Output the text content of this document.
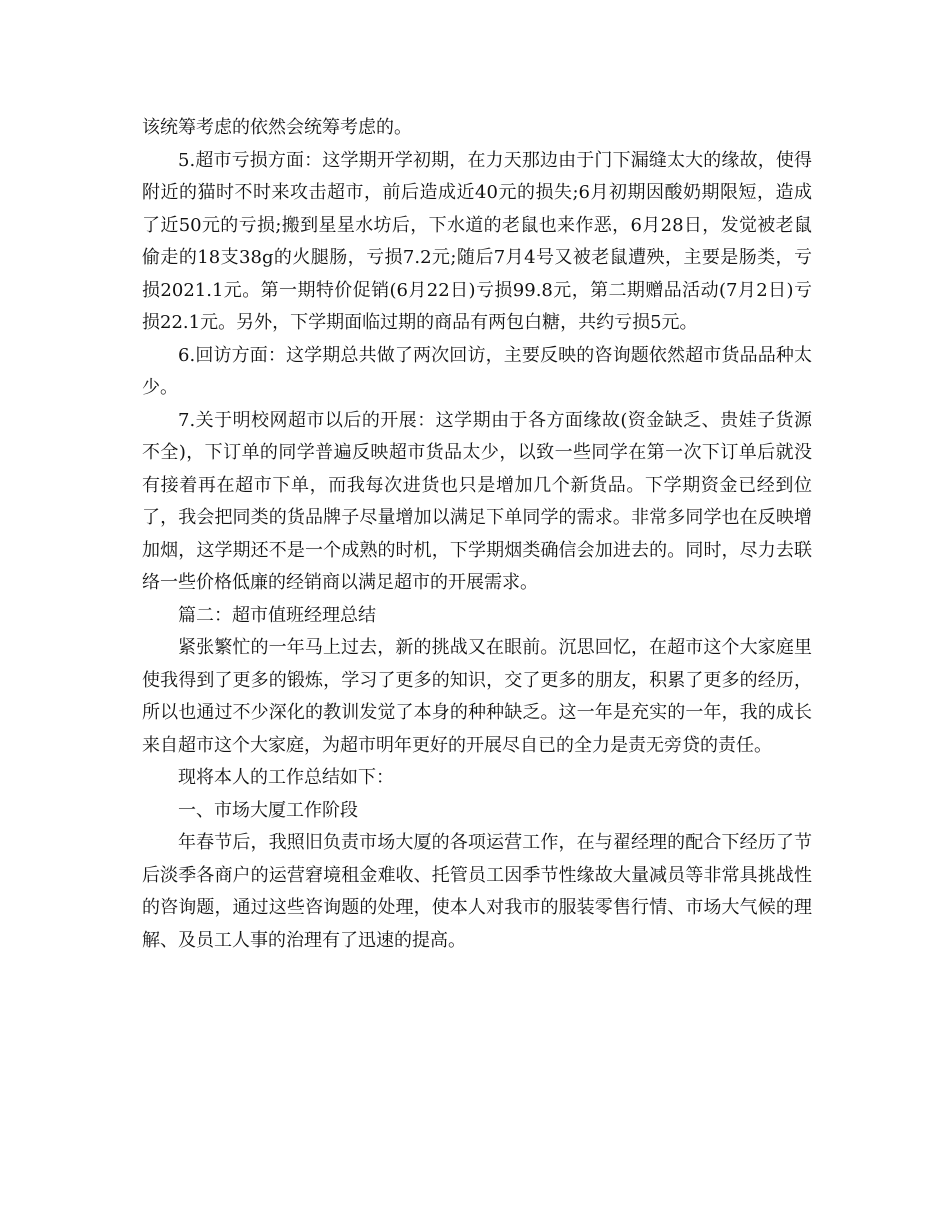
该统筹考虑的依然会统筹考虑的。

5.超市亏损方面：这学期开学初期，在力天那边由于门下漏缝太大的缘故，使得附近的猫时不时来攻击超市，前后造成近40元的损失;6月初期因酸奶期限短，造成了近50元的亏损;搬到星星水坊后，下水道的老鼠也来作恶，6月28日，发觉被老鼠偷走的18支38g的火腿肠，亏损7.2元;随后7月4号又被老鼠遭殃，主要是肠类，亏损2021.1元。第一期特价促销(6月22日)亏损99.8元，第二期赠品活动(7月2日)亏损22.1元。另外，下学期面临过期的商品有两包白糖，共约亏损5元。

6.回访方面：这学期总共做了两次回访，主要反映的咨询题依然超市货品品种太少。

7.关于明校网超市以后的开展：这学期由于各方面缘故(资金缺乏、贵娃子货源不全)，下订单的同学普遍反映超市货品太少，以致一些同学在第一次下订单后就没有接着再在超市下单，而我每次进货也只是增加几个新货品。下学期资金已经到位了，我会把同类的货品牌子尽量增加以满足下单同学的需求。非常多同学也在反映增加烟，这学期还不是一个成熟的时机，下学期烟类确信会加进去的。同时，尽力去联络一些价格低廉的经销商以满足超市的开展需求。

篇二：超市值班经理总结

紧张繁忙的一年马上过去，新的挑战又在眼前。沉思回忆，在超市这个大家庭里使我得到了更多的锻炼，学习了更多的知识，交了更多的朋友，积累了更多的经历，所以也通过不少深化的教训发觉了本身的种种缺乏。这一年是充实的一年，我的成长来自超市这个大家庭，为超市明年更好的开展尽自已的全力是责无旁贷的责任。

现将本人的工作总结如下：

一、市场大厦工作阶段

年春节后，我照旧负责市场大厦的各项运营工作，在与翟经理的配合下经历了节后淡季各商户的运营窘境租金难收、托管员工因季节性缘故大量减员等非常具挑战性的咨询题，通过这些咨询题的处理，使本人对我市的服装零售行情、市场大气候的理解、及员工人事的治理有了迅速的提高。
